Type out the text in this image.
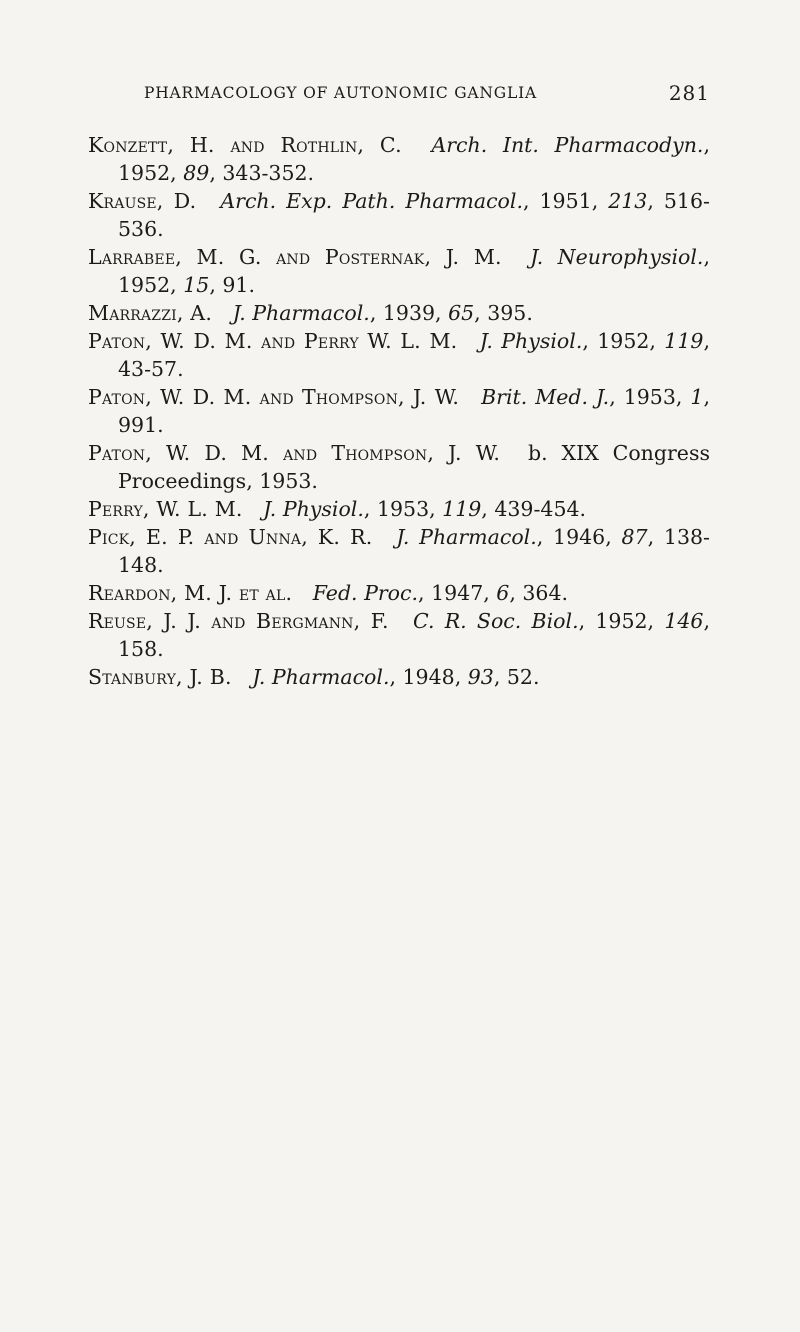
PHARMACOLOGY OF AUTONOMIC GANGLIA	281

Konzett, H. and Rothlin, C. Arch. Int. Pharmacodyn., 1952, 89, 343-352.

Krause, D. Arch. Exp. Path. Pharmacol., 1951, 213, 516-536.

Larrabee, M. G. and Posternak, J. M. J. Neurophysiol., 1952, 15, 91.

Marrazzi, A. J. Pharmacol., 1939, 65, 395.

Paton, W. D. M. and Perry W. L. M. J. Physiol., 1952, 119, 43-57.

Paton, W. D. M. and Thompson, J. W. Brit. Med. J., 1953, 1, 991.

Paton, W. D. M. and Thompson, J. W. b. XIX Congress Proceedings, 1953.

Perry, W. L. M. J. Physiol., 1953, 119, 439-454.

Pick, E. P. and Unna, K. R. J. Pharmacol., 1946, 87, 138-148.

Reardon, M. J. et al. Fed. Proc., 1947, 6, 364.

Reuse, J. J. and Bergmann, F. C. R. Soc. Biol., 1952, 146, 158.

Stanbury, J. B. J. Pharmacol., 1948, 93, 52.
